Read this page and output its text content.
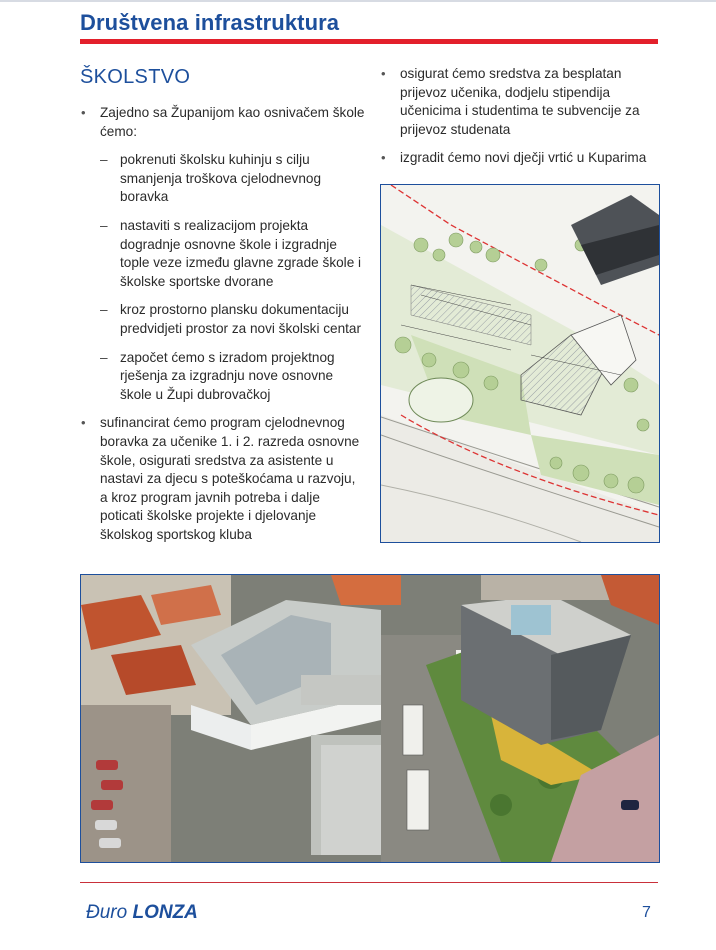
Društvena infrastruktura
ŠKOLSTVO
• Zajedno sa Županijom kao osnivačem škole ćemo:
– pokrenuti školsku kuhinju s cilju smanjenja troškova cjelodnevnog boravka
– nastaviti s realizacijom projekta dogradnje osnovne škole i izgradnje tople veze između glavne zgrade škole i školske sportske dvorane
– kroz prostorno plansku dokumentaciju predvidjeti prostor za novi školski centar
– započet ćemo s izradom projektnog rješenja za izgradnju nove osnovne škole u Župi dubrovačkoj
• sufinancirat ćemo program cjelodnevnog boravka za učenike 1. i 2. razreda osnovne škole, osigurati sredstva za asistente u nastavi za djecu s poteškoćama u razvoju, a kroz program javnih potreba i dalje poticati školske projekte i djelovanje školskog sportskog kluba
• osigurat ćemo sredstva za besplatan prijevoz učenika, dodjelu stipendija učenicima i studentima te subvencije za prijevoz studenata
• izgradit ćemo novi dječji vrtić u Kuparima
Đuro LONZA	7
